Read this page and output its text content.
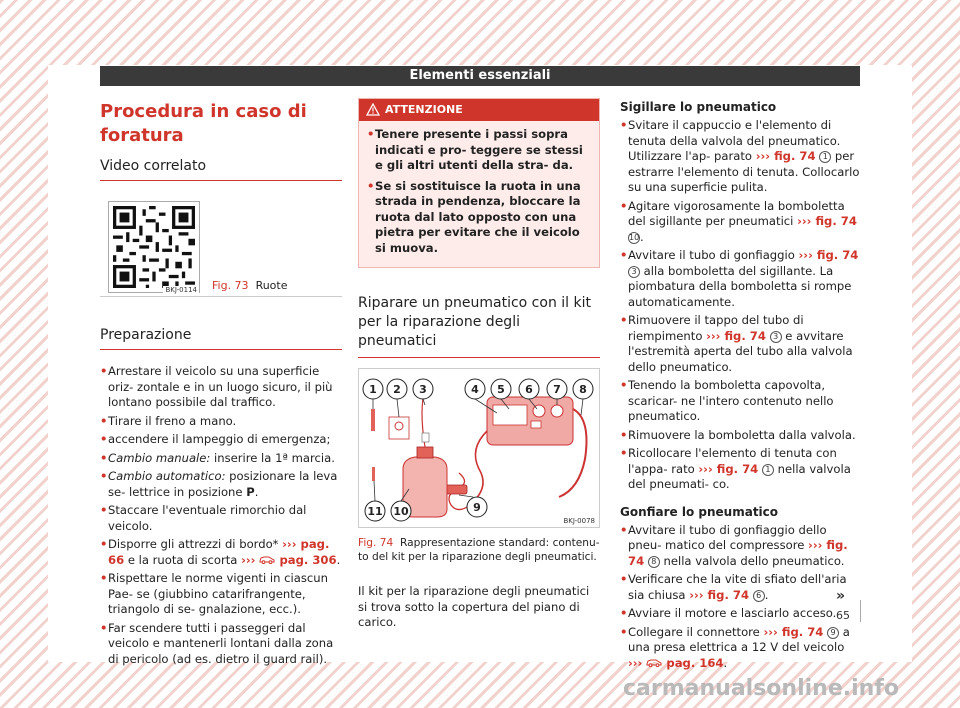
Elementi essenziali
Procedura in caso di foratura
Video correlato
BKJ-0114 Fig. 73 Ruote
Preparazione
• Arrestare il veicolo su una superficie oriz- zontale e in un luogo sicuro, il più lontano possibile dal traffico.
• Tirare il freno a mano.
• accendere il lampeggio di emergenza;
• Cambio manuale: inserire la 1ª marcia.
• Cambio automatico: posizionare la leva se- lettrice in posizione P.
• Staccare l'eventuale rimorchio dal veicolo.
• Disporre gli attrezzi di bordo* ››› pag. 66 e la ruota di scorta ›››  pag. 306.
• Rispettare le norme vigenti in ciascun Pae- se (giubbino catarifrangente, triangolo di se- gnalazione, ecc.).
• Far scendere tutti i passeggeri dal veicolo e mantenerli lontani dalla zona di pericolo (ad es. dietro il guard rail).
ATTENZIONE
• Tenere presente i passi sopra indicati e pro- teggere se stessi e gli altri utenti della stra- da.
• Se si sostituisce la ruota in una strada in pendenza, bloccare la ruota dal lato opposto con una pietra per evitare che il veicolo si muova.
Riparare un pneumatico con il kit per la riparazione degli pneumatici
1 2 3	4 5 6 7 8
9
10
11
BKJ-0078
Fig. 74 Rappresentazione standard: contenu- to del kit per la riparazione degli pneumatici.
Il kit per la riparazione degli pneumatici si trova sotto la copertura del piano di carico.
Sigillare lo pneumatico
• Svitare il cappuccio e l'elemento di tenuta della valvola del pneumatico. Utilizzare l'ap- parato ››› fig. 74 1 per estrarre l'elemento di tenuta. Collocarlo su una superficie pulita.
• Agitare vigorosamente la bomboletta del sigillante per pneumatici ››› fig. 74 10.
• Avvitare il tubo di gonfiaggio ››› fig. 74 3 alla bomboletta del sigillante. La piombatura della bomboletta si rompe automaticamente.
• Rimuovere il tappo del tubo di riempimento ››› fig. 74 3 e avvitare l'estremità aperta del tubo alla valvola dello pneumatico.
• Tenendo la bomboletta capovolta, scaricar- ne l'intero contenuto nello pneumatico.
• Rimuovere la bomboletta dalla valvola.
• Ricollocare l'elemento di tenuta con l'appa- rato ››› fig. 74 1 nella valvola del pneumati- co.
Gonfiare lo pneumatico
• Avvitare il tubo di gonfiaggio dello pneu- matico del compressore ››› fig. 74 8 nella valvola dello pneumatico.
• Verificare che la vite di sfiato dell'aria sia chiusa ››› fig. 74 6 .
• Avviare il motore e lasciarlo acceso.
• Collegare il connettore ››› fig. 74 9 a una presa elettrica a 12 V del veicolo ›››  pag. 164.
»
65
carmanualsonline.info
